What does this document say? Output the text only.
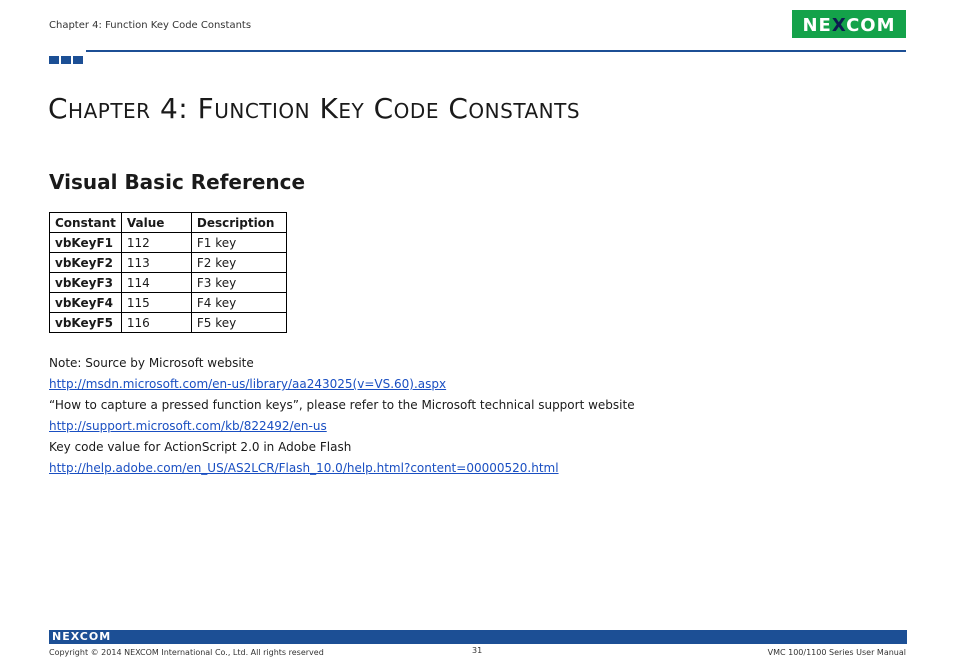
Chapter 4: Function Key Code Constants	NEXCOM
Chapter 4: Function Key Code Constants
Visual Basic Reference
Constant	Value	Description
vbKeyF1	112	F1 key
vbKeyF2	113	F2 key
vbKeyF3	114	F3 key
vbKeyF4	115	F4 key
vbKeyF5	116	F5 key
Note: Source by Microsoft website
http://msdn.microsoft.com/en-us/library/aa243025(v=VS.60).aspx
“How to capture a pressed function keys”, please refer to the Microsoft technical support website
http://support.microsoft.com/kb/822492/en-us
Key code value for ActionScript 2.0 in Adobe Flash
http://help.adobe.com/en_US/AS2LCR/Flash_10.0/help.html?content=00000520.html
NEXCOM
Copyright © 2014 NEXCOM International Co., Ltd. All rights reserved	31	VMC 100/1100 Series User Manual
